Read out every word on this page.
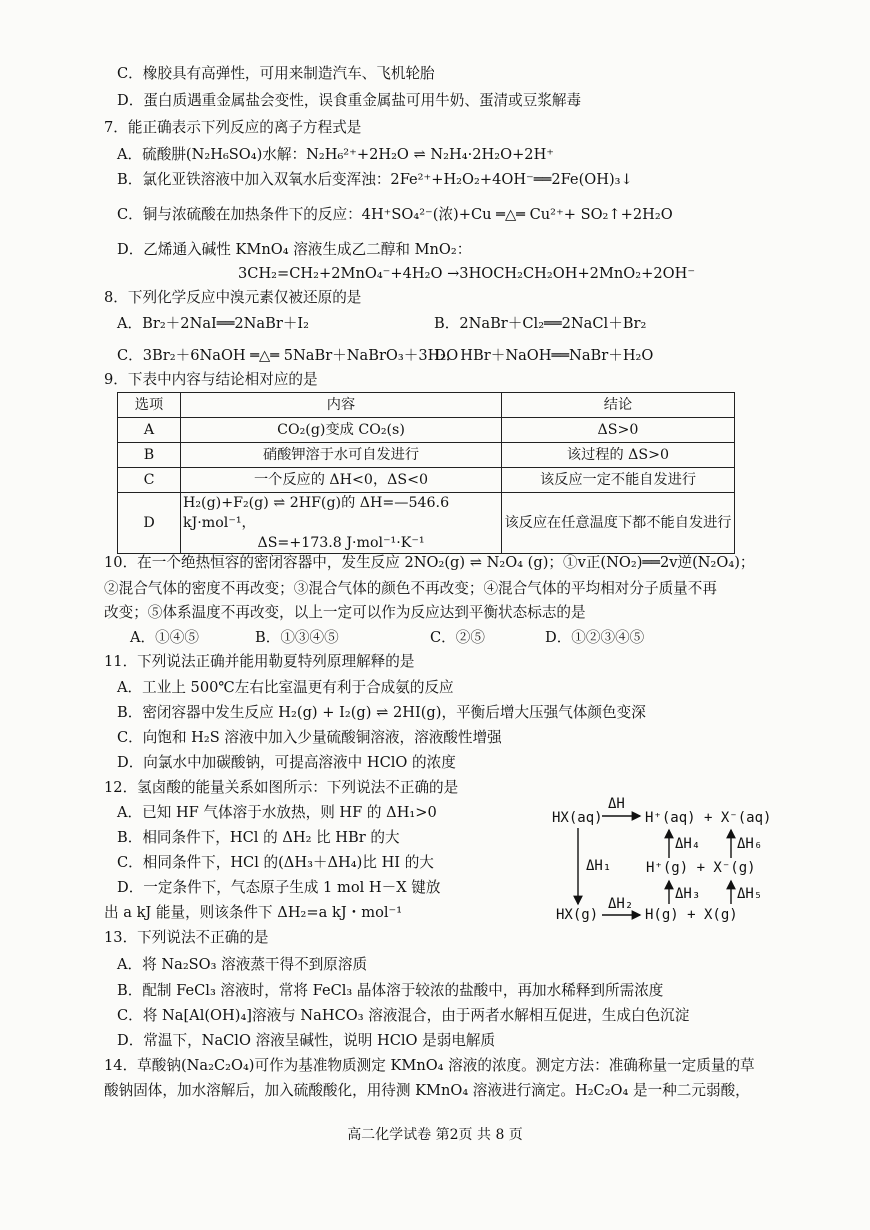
C．橡胶具有高弹性，可用来制造汽车、飞机轮胎
D．蛋白质遇重金属盐会变性，误食重金属盐可用牛奶、蛋清或豆浆解毒
7．能正确表示下列反应的离子方程式是
A．硫酸肼(N₂H₆SO₄)水解：N₂H₆²⁺+2H₂O ⇌ N₂H₄·2H₂O+2H⁺
B．氯化亚铁溶液中加入双氧水后变浑浊：2Fe²⁺+H₂O₂+4OH⁻══2Fe(OH)₃↓
C．铜与浓硫酸在加热条件下的反应：4H⁺SO₄²⁻(浓)+Cu ═△═ Cu²⁺+ SO₂↑+2H₂O
D．乙烯通入碱性 KMnO₄ 溶液生成乙二醇和 MnO₂：
3CH₂=CH₂+2MnO₄⁻+4H₂O →3HOCH₂CH₂OH+2MnO₂+2OH⁻
8．下列化学反应中溴元素仅被还原的是
A．Br₂＋2NaI══2NaBr＋I₂	B．2NaBr＋Cl₂══2NaCl＋Br₂
C．3Br₂＋6NaOH ═△═ 5NaBr＋NaBrO₃＋3H₂O
D．HBr＋NaOH══NaBr＋H₂O
9．下表中内容与结论相对应的是
选项	内容	结论
A	CO₂(g)变成 CO₂(s)	ΔS>0
B	硝酸钾溶于水可自发进行	该过程的 ΔS>0
C	一个反应的 ΔH<0，ΔS<0	该反应一定不能自发进行
D	H₂(g)+F₂(g) ⇌ 2HF(g)的 ΔH=—546.6 kJ·mol⁻¹，
ΔS=+173.8 J·mol⁻¹·K⁻¹	该反应在任意温度下都不能自发进行
10．在一个绝热恒容的密闭容器中，发生反应 2NO₂(g) ⇌ N₂O₄ (g)；①v正(NO₂)══2v逆(N₂O₄)；
②混合气体的密度不再改变；③混合气体的颜色不再改变；④混合气体的平均相对分子质量不再
改变；⑤体系温度不再改变，以上一定可以作为反应达到平衡状态标志的是
A．①④⑤	B．①③④⑤	C．②⑤	D．①②③④⑤
11．下列说法正确并能用勒夏特列原理解释的是
A．工业上 500℃左右比室温更有利于合成氨的反应
B．密闭容器中发生反应 H₂(g) + I₂(g) ⇌ 2HI(g)，平衡后增大压强气体颜色变深
C．向饱和 H₂S 溶液中加入少量硫酸铜溶液，溶液酸性增强
D．向氯水中加碳酸钠，可提高溶液中 HClO 的浓度
12．氢卤酸的能量关系如图所示：下列说法不正确的是
A．已知 HF 气体溶于水放热，则 HF 的 ΔH₁>0
B．相同条件下，HCl 的 ΔH₂ 比 HBr 的大
C．相同条件下，HCl 的(ΔH₃＋ΔH₄)比 HI 的大
D．一定条件下，气态原子生成 1 mol H－X 键放
出 a kJ 能量，则该条件下 ΔH₂=a kJ・mol⁻¹
HX(aq)
ΔH
H⁺(aq) + X⁻(aq)
ΔH₁
ΔH₄	ΔH₆
H⁺(g) + X⁻(g)
ΔH₃	ΔH₅
HX(g)
ΔH₂
H(g) + X(g)
13．下列说法不正确的是
A．将 Na₂SO₃ 溶液蒸干得不到原溶质
B．配制 FeCl₃ 溶液时，常将 FeCl₃ 晶体溶于较浓的盐酸中，再加水稀释到所需浓度
C．将 Na[Al(OH)₄]溶液与 NaHCO₃ 溶液混合，由于两者水解相互促进，生成白色沉淀
D．常温下，NaClO 溶液呈碱性，说明 HClO 是弱电解质
14．草酸钠(Na₂C₂O₄)可作为基准物质测定 KMnO₄ 溶液的浓度。测定方法：准确称量一定质量的草
酸钠固体，加水溶解后，加入硫酸酸化，用待测 KMnO₄ 溶液进行滴定。H₂C₂O₄ 是一种二元弱酸，
高二化学试卷 第2页 共 8 页
